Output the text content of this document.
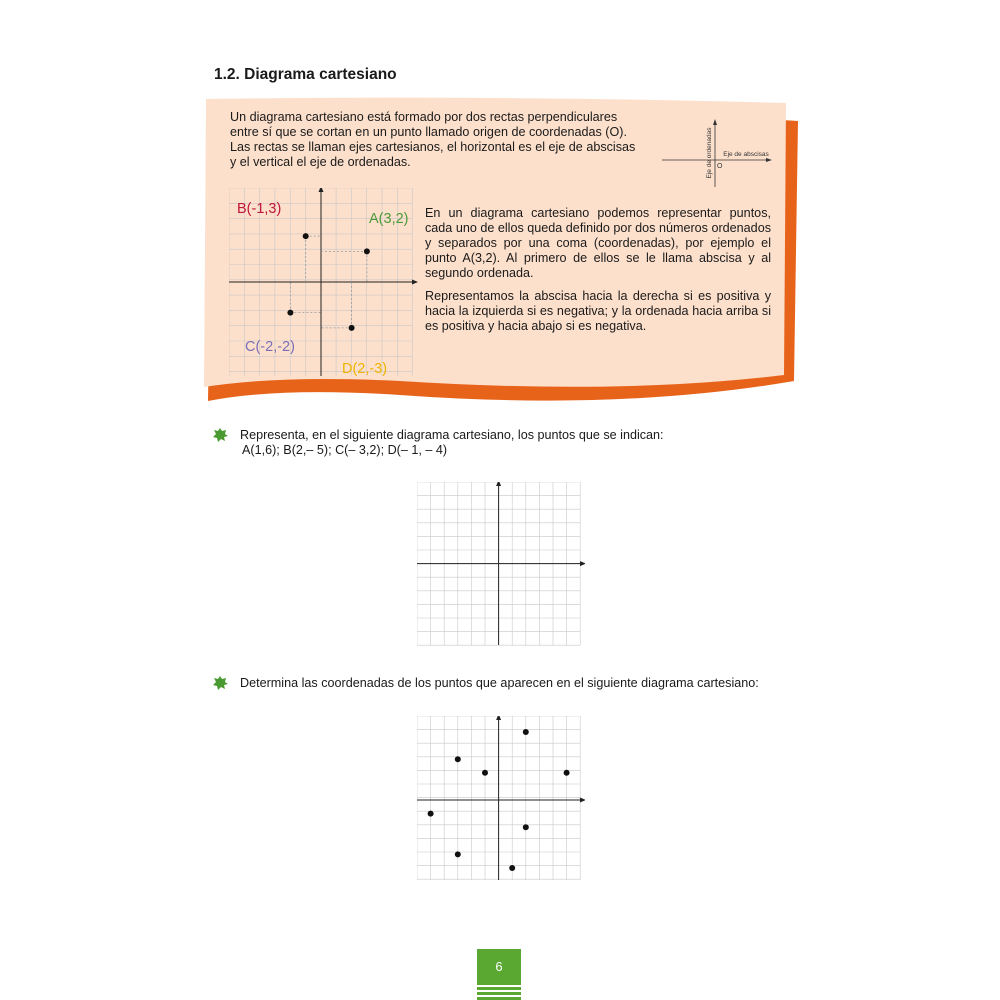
1.2. Diagrama cartesiano
Un diagrama cartesiano está formado por dos rectas perpendiculares
entre sí que se cortan en un punto llamado origen de coordenadas (O).
Las rectas se llaman ejes cartesianos, el horizontal es el eje de abscisas
y el vertical el eje de ordenadas.
Eje de abscisas
Eje de ordenadas O
B(-1,3)
A(3,2)
C(-2,-2)
D(2,-3)

En un diagrama cartesiano podemos representar puntos, cada uno de ellos queda definido por dos números ordenados y separados por una coma (coordenadas), por ejemplo el punto A(3,2). Al primero de ellos se le llama abscisa y al segundo ordenada.

Representamos la abscisa hacia la derecha si es positiva y hacia la izquierda si es negativa; y la ordenada hacia arriba si es positiva y hacia abajo si es negativa.

Representa, en el siguiente diagrama cartesiano, los puntos que se indican:
A(1,6); B(2,– 5); C(– 3,2); D(– 1, – 4)
Determina las coordenadas de los puntos que aparecen en el siguiente diagrama cartesiano:
6
